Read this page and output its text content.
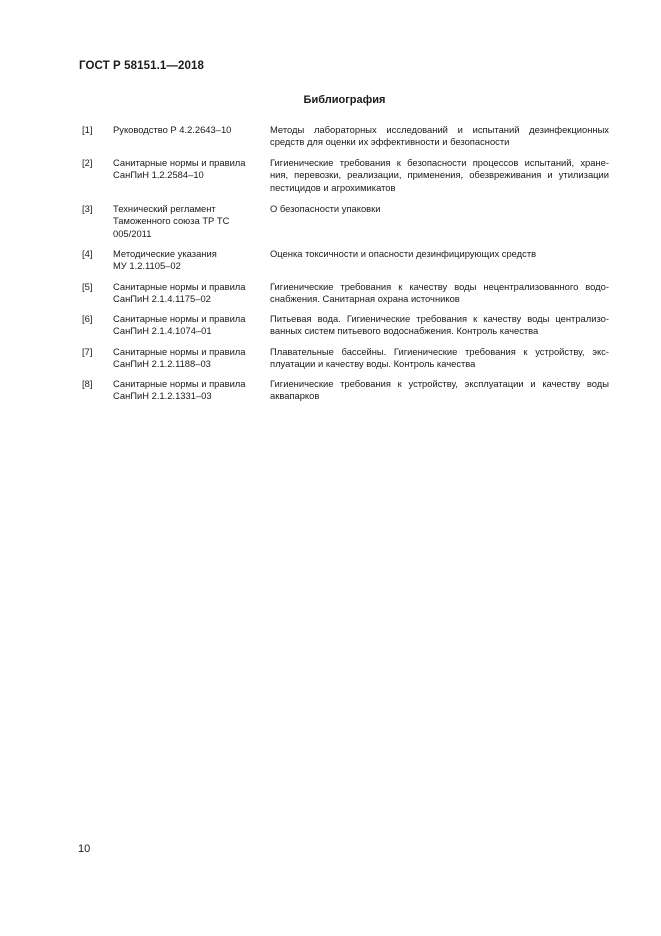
ГОСТ Р 58151.1—2018
Библиография
[1] Руководство Р 4.2.2643–10	Методы лабораторных исследований и испытаний дезинфекционных
средств для оценки их эффективности и безопасности
[2] Санитарные нормы и правила
СанПиН 1.2.2584–10
Гигиенические требования к безопасности процессов испытаний, хране-
ния, перевозки, реализации, применения, обезвреживания и утилизации
пестицидов и агрохимикатов
[3] Технический регламент
Таможенного союза ТР ТС
005/2011
О безопасности упаковки
[4] Методические указания
МУ 1.2.1105–02
Оценка токсичности и опасности дезинфицирующих средств
[5] Санитарные нормы и правила
СанПиН 2.1.4.1175–02
Гигиенические требования к качеству воды нецентрализованного водо-
снабжения. Санитарная охрана источников
[6] Санитарные нормы и правила
СанПиН 2.1.4.1074–01
Питьевая вода. Гигиенические требования к качеству воды централизо-
ванных систем питьевого водоснабжения. Контроль качества
[7] Санитарные нормы и правила
СанПиН 2.1.2.1188–03
Плавательные бассейны. Гигиенические требования к устройству, экс-
плуатации и качеству воды. Контроль качества
[8] Санитарные нормы и правила
СанПиН 2.1.2.1331–03
Гигиенические требования к устройству, эксплуатации и качеству воды
аквапарков
10
